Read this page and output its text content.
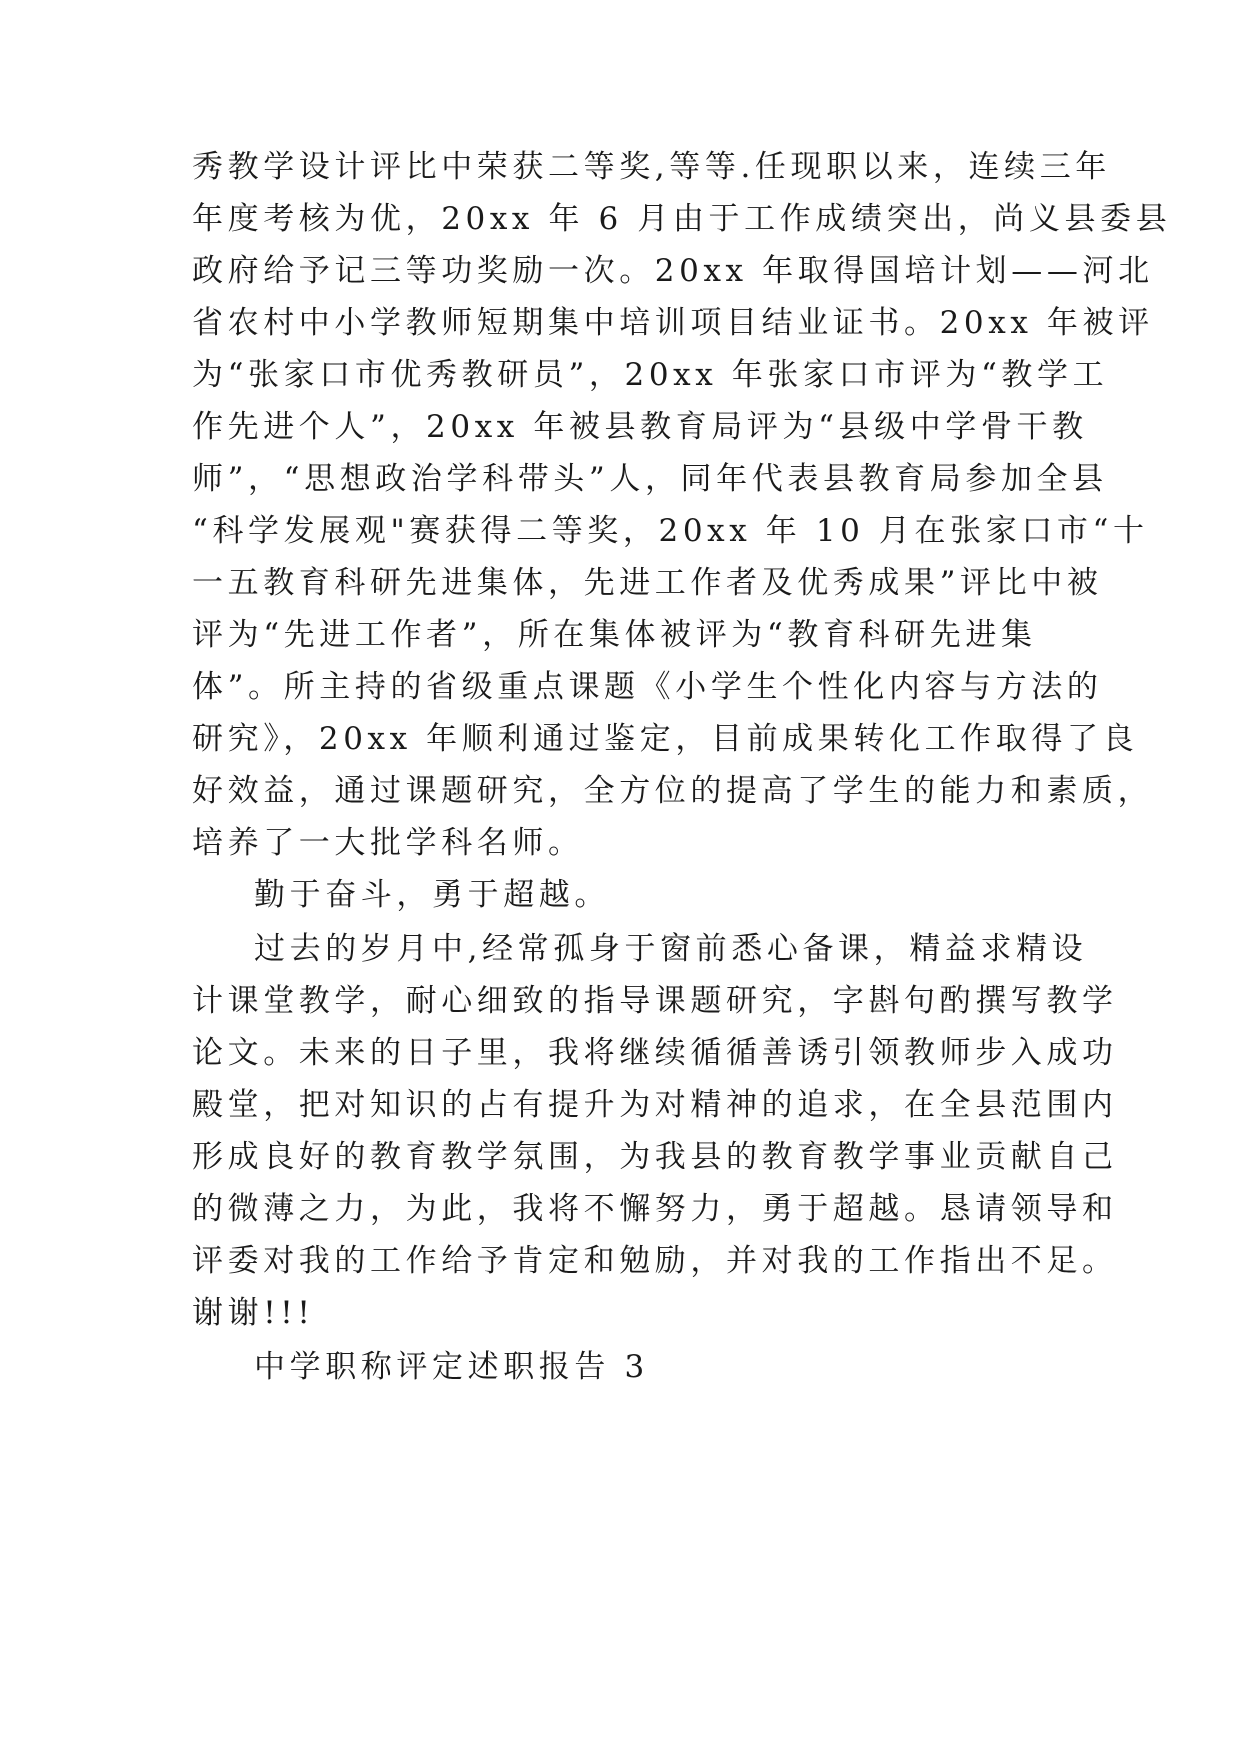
秀教学设计评比中荣获二等奖,等等.任现职以来，连续三年
年度考核为优，20xx 年 6 月由于工作成绩突出，尚义县委县
政府给予记三等功奖励一次。20xx 年取得国培计划——河北
省农村中小学教师短期集中培训项目结业证书。20xx 年被评
为“张家口市优秀教研员”，20xx 年张家口市评为“教学工
作先进个人”，20xx 年被县教育局评为“县级中学骨干教
师”，“思想政治学科带头”人，同年代表县教育局参加全县
“科学发展观"赛获得二等奖，20xx 年 10 月在张家口市“十
一五教育科研先进集体，先进工作者及优秀成果”评比中被
评为“先进工作者”，所在集体被评为“教育科研先进集
体”。所主持的省级重点课题《小学生个性化内容与方法的
研究》，20xx 年顺利通过鉴定，目前成果转化工作取得了良
好效益，通过课题研究，全方位的提高了学生的能力和素质，
培养了一大批学科名师。
勤于奋斗，勇于超越。
过去的岁月中,经常孤身于窗前悉心备课，精益求精设
计课堂教学，耐心细致的指导课题研究，字斟句酌撰写教学
论文。未来的日子里，我将继续循循善诱引领教师步入成功
殿堂，把对知识的占有提升为对精神的追求，在全县范围内
形成良好的教育教学氛围，为我县的教育教学事业贡献自己
的微薄之力，为此，我将不懈努力，勇于超越。恳请领导和
评委对我的工作给予肯定和勉励，并对我的工作指出不足。
谢谢!!!
中学职称评定述职报告 3
